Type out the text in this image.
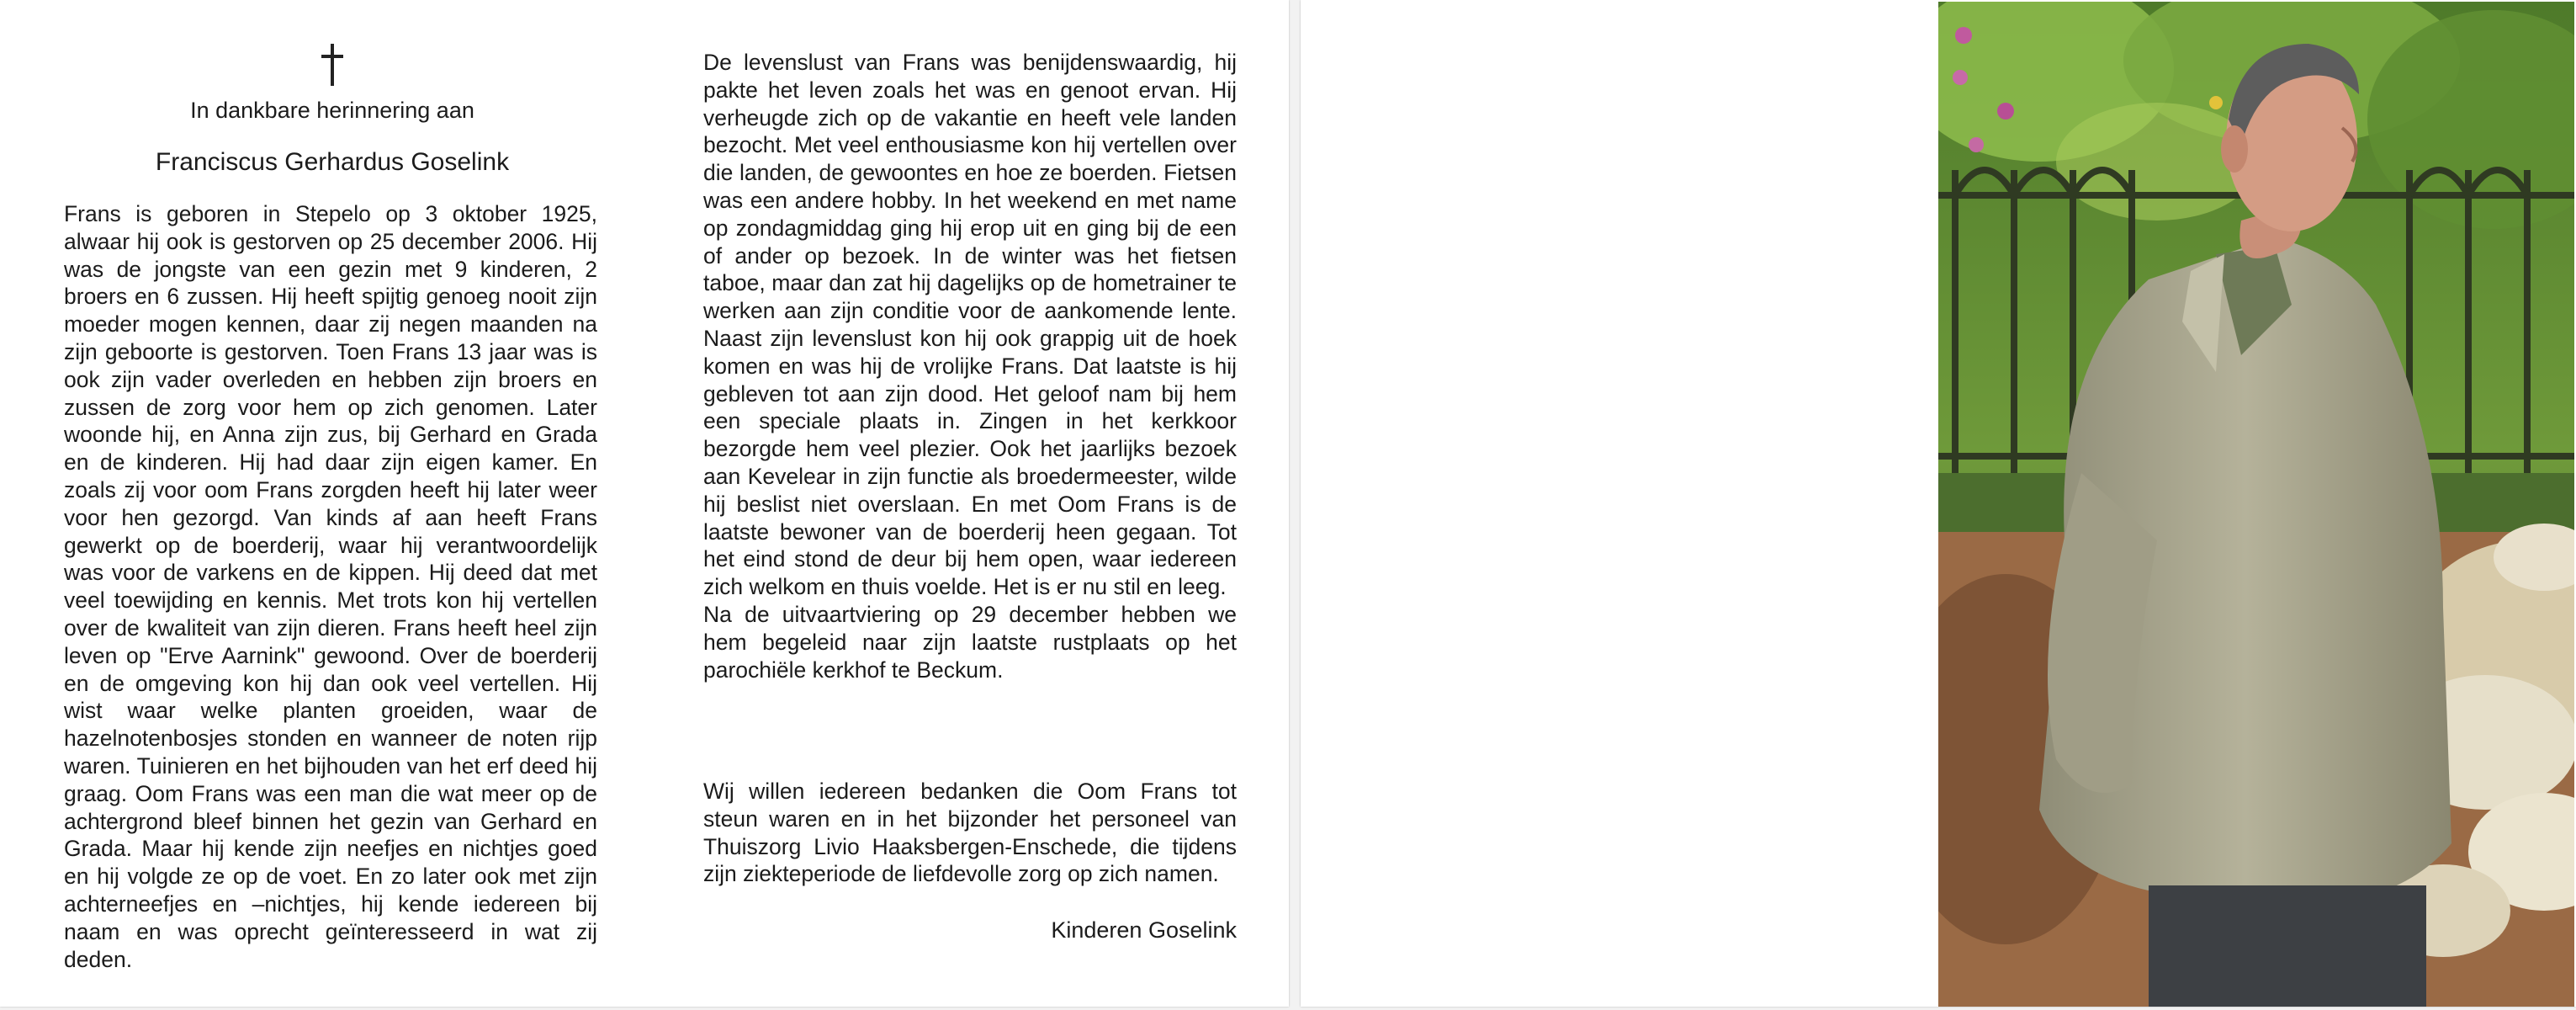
In dankbare herinnering aan
Franciscus Gerhardus Goselink

Frans is geboren in Stepelo op 3 oktober 1925, alwaar hij ook is gestorven op 25 december 2006. Hij was de jongste van een gezin met 9 kinderen, 2 broers en 6 zussen. Hij heeft spijtig genoeg nooit zijn moeder mogen kennen, daar zij negen maanden na zijn geboorte is gestorven. Toen Frans 13 jaar was is ook zijn vader overleden en hebben zijn broers en zussen de zorg voor hem op zich genomen. Later woonde hij, en Anna zijn zus, bij Gerhard en Grada en de kinderen. Hij had daar zijn eigen kamer. En zoals zij voor oom Frans zorgden heeft hij later weer voor hen gezorgd. Van kinds af aan heeft Frans gewerkt op de boerderij, waar hij verantwoordelijk was voor de varkens en de kippen. Hij deed dat met veel toewijding en kennis. Met trots kon hij vertellen over de kwaliteit van zijn dieren. Frans heeft heel zijn leven op "Erve Aarnink" gewoond. Over de boerderij en de omgeving kon hij dan ook veel vertellen. Hij wist waar welke planten groeiden, waar de hazelnotenbosjes stonden en wanneer de noten rijp waren. Tuinieren en het bijhouden van het erf deed hij graag. Oom Frans was een man die wat meer op de achtergrond bleef binnen het gezin van Gerhard en Grada. Maar hij kende zijn neefjes en nichtjes goed en hij volgde ze op de voet. En zo later ook met zijn achterneefjes en –nichtjes, hij kende iedereen bij naam en was oprecht geïnteresseerd in wat zij deden.

De levenslust van Frans was benijdenswaardig, hij pakte het leven zoals het was en genoot ervan. Hij verheugde zich op de vakantie en heeft vele landen bezocht. Met veel enthousiasme kon hij vertellen over die landen, de gewoontes en hoe ze boerden. Fietsen was een andere hobby. In het weekend en met name op zondagmiddag ging hij erop uit en ging bij de een of ander op bezoek. In de winter was het fietsen taboe, maar dan zat hij dagelijks op de hometrainer te werken aan zijn conditie voor de aankomende lente. Naast zijn levenslust kon hij ook grappig uit de hoek komen en was hij de vrolijke Frans. Dat laatste is hij gebleven tot aan zijn dood. Het geloof nam bij hem een speciale plaats in. Zingen in het kerkkoor bezorgde hem veel plezier. Ook het jaarlijks bezoek aan Kevelear in zijn functie als broedermeester, wilde hij beslist niet overslaan. En met Oom Frans is de laatste bewoner van de boerderij heen gegaan. Tot het eind stond de deur bij hem open, waar iedereen zich welkom en thuis voelde. Het is er nu stil en leeg.

Na de uitvaartviering op 29 december hebben we hem begeleid naar zijn laatste rustplaats op het parochiële kerkhof te Beckum.

Wij willen iedereen bedanken die Oom Frans tot steun waren en in het bijzonder het personeel van Thuiszorg Livio Haaksbergen-Enschede, die tijdens zijn ziekteperiode de liefdevolle zorg op zich namen.

Kinderen Goselink
